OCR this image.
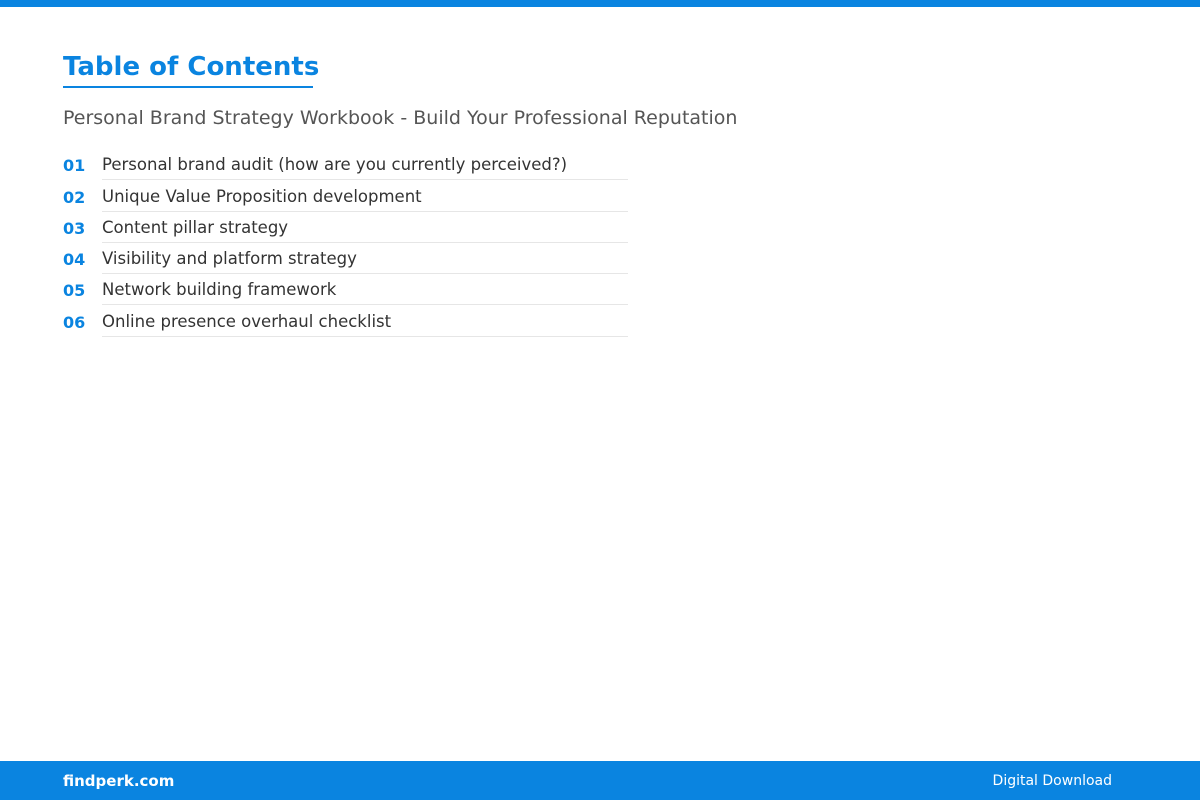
Table of Contents

Personal Brand Strategy Workbook - Build Your Professional Reputation

01	Personal brand audit (how are you currently perceived?)
02	Unique Value Proposition development
03	Content pillar strategy
04	Visibility and platform strategy
05	Network building framework
06	Online presence overhaul checklist
findperk.com	Digital Download
